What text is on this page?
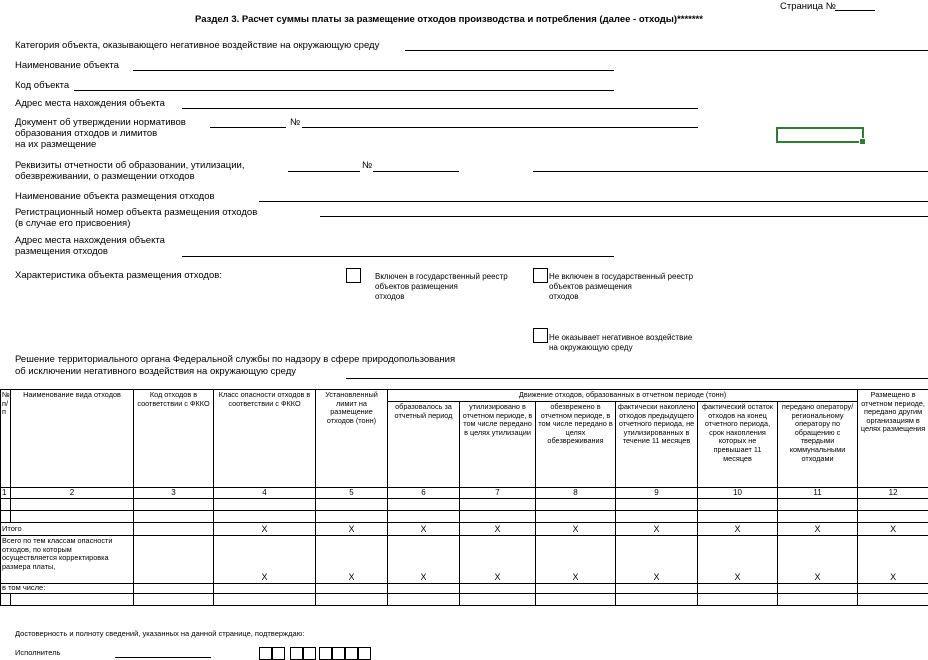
Страница №
Раздел 3. Расчет суммы платы за размещение отходов производства и потребления (далее - отходы)*******
Категория объекта, оказывающего негативное воздействие на окружающую среду
Наименование объекта
Код объекта
Адрес места нахождения объекта
Документ об утверждении нормативов
образования отходов и лимитов
на их размещение
№
Реквизиты отчетности об образовании, утилизации,
обезвреживании, о размещении отходов
№
Наименование объекта размещения отходов
Регистрационный номер объекта размещения отходов
(в случае его присвоения)
Адрес места нахождения объекта
размещения отходов
Характеристика объекта размещения отходов:	Включен в государственный реестр
объектов размещения
отходов
Не включен в государственный реестр
объектов размещения
отходов
Не оказывает негативное воздействие
на окружающую среду
Решение территориального органа Федеральной службы по надзору в сфере природопользования
об исключении негативного воздействия на окружающую среду
№ п/п	Наименование вида отходов	Код отходов в соответствии с ФККО	Класс опасности отходов в соответствии с ФККО	Установленный лимит на размещение отходов (тонн)	Движение отходов, образованных в отчетном периоде (тонн)						Размещено в отчетном периоде, передано другим организациям в целях размещения
					образовалось за отчетный период	утилизировано в отчетном периоде, в том числе передано в целях утилизации	обезврежено в отчетном периоде, в том числе передано в целях обезвреживания	фактически накоплено отходов предыдущего отчетного периода, не утилизированных в течение 11 месяцев	фактический остаток отходов на конец отчетного периода, срок накопления которых не превышает 11 месяцев	передано оператору/региональному оператору по обращению с твердыми коммунальными отходами	
1	2	3	4	5	6	7	8	9	10	11	12

Итого			X	X	X	X	X	X	X	X	X
Всего по тем классам опасности отходов, по которым осуществляется корректировка размера платы,			X	X	X	X	X	X	X	X	X
в том числе:											

Достоверность и полноту сведений, указанных на данной странице, подтверждаю:
Исполнитель
